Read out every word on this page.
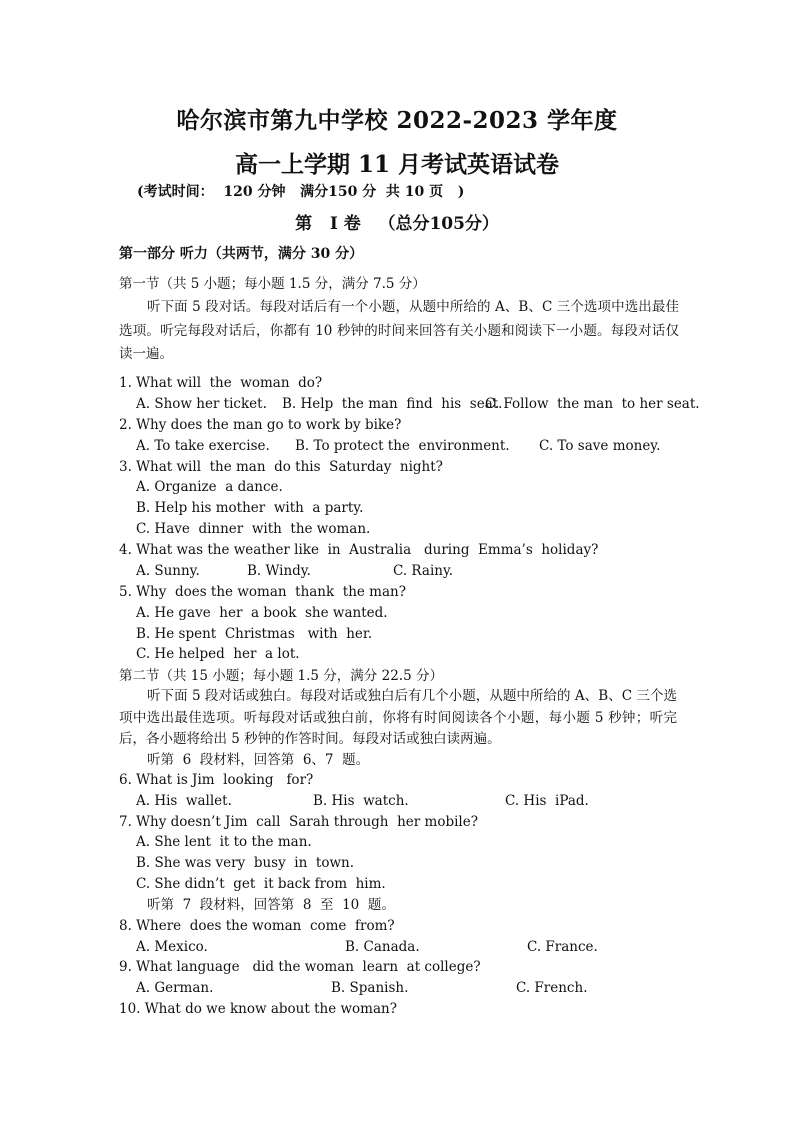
哈尔滨市第九中学校 2022-2023 学年度
高一上学期 11 月考试英语试卷
(考试时间：  120 分钟   满分150 分  共 10 页   )
第   I 卷   （总分105分）
第一部分 听力（共两节，满分 30 分）
第一节（共 5 小题；每小题 1.5 分，满分 7.5 分）
听下面 5 段对话。每段对话后有一个小题，从题中所给的 A、B、C 三个选项中选出最佳选项。听完每段对话后，你都有 10 秒钟的时间来回答有关小题和阅读下一小题。每段对话仅读一遍。
1. What will  the  woman  do?
A. Show her ticket. B. Help  the man  find  his  seat.
C. Follow  the man  to her seat.
2. Why does the man go to work by bike?
A. To take exercise. B. To protect the  environment. C. To save money.
3. What will  the man  do this  Saturday  night?
A. Organize  a dance.
B. Help his mother  with  a party.
C. Have  dinner  with  the woman.
4. What was the weather like  in  Australia   during  Emma’s  holiday?
A. Sunny.	B. Windy.	C. Rainy.
5. Why  does the woman  thank  the man?
A. He gave  her  a book  she wanted.
B. He spent  Christmas   with  her.
C. He helped  her  a lot.
第二节（共 15 小题；每小题 1.5 分，满分 22.5 分）
听下面 5 段对话或独白。每段对话或独白后有几个小题，从题中所给的 A、B、C 三个选项中选出最佳选项。听每段对话或独白前，你将有时间阅读各个小题，每小题 5 秒钟；听完后，各小题将给出 5 秒钟的作答时间。每段对话或独白读两遍。
听第  6  段材料，回答第  6、7  题。
6. What is Jim  looking   for?
A. His  wallet.	B. His  watch.	C. His  iPad.
7. Why doesn’t Jim  call  Sarah through  her mobile?
A. She lent  it to the man.
B. She was very  busy  in  town.
C. She didn’t  get  it back from  him.
听第  7  段材料，回答第  8  至  10  题。
8. Where  does the woman  come  from?
A. Mexico.	B. Canada.	C. France.
9. What language   did the woman  learn  at college?
A. German.	B. Spanish.	C. French.
10. What do we know about the woman?
